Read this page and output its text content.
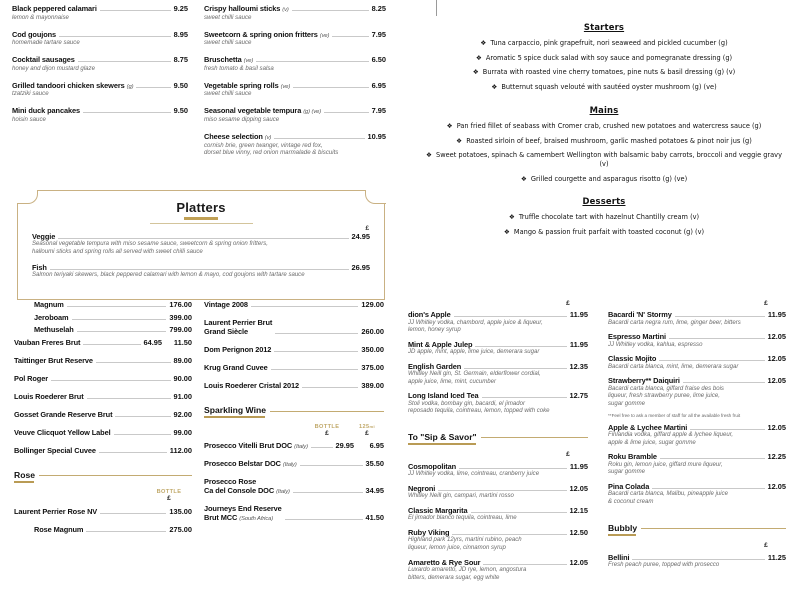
Black peppered calamari	9.25
lemon & mayonnaise
Cod goujons	8.95
homemade tartare sauce
Cocktail sausages	8.75
honey and dijon mustard glaze
Grilled tandoori chicken skewers (g)	9.50
tzatziki sauce
Mini duck pancakes	9.50
hoisin sauce
Crispy halloumi sticks (v)	8.25
sweet chilli sauce
Sweetcorn & spring onion fritters (ve)	7.95
sweet chilli sauce
Bruschetta (ve)	6.50
fresh tomato & basil salsa
Vegetable spring rolls (ve)	6.95
sweet chilli sauce
Seasonal vegetable tempura (g) (ve)	7.95
miso sesame dipping sauce
Cheese selection (v)	10.95
cornish brie, green twanger, vintage red fox,
dorset blue vinny, red onion marmalade & biscuits
Platters
£
Veggie	24.95
Seasonal vegetable tempura with miso sesame sauce, sweetcorn & spring onion fritters,
halloumi sticks and spring rolls all served with sweet chilli sauce
Fish	26.95
Salmon teriyaki skewers, black peppered calamari with lemon & mayo, cod goujons with tartare sauce
Magnum	176.00
Jeroboam	399.00
Methuselah	799.00
Vauban Freres Brut	64.95	11.50
Taittinger Brut Reserve	89.00
Pol Roger	90.00
Louis Roederer Brut	91.00
Gosset Grande Reserve Brut	92.00
Veuve Clicquot Yellow Label	99.00
Bollinger Special Cuvee	112.00
Rose
BOTTLE
£
Laurent Perrier Rose NV	135.00
Rose Magnum	275.00
Vintage 2008	129.00
Laurent Perrier Brut
Grand Siècle	260.00
Dom Perignon 2012	350.00
Krug Grand Cuvee	375.00
Louis Roederer Cristal 2012	389.00
Sparkling Wine
BOTTLE	125ml
£	£
Prosecco Vitelli Brut DOC (Italy)	29.95	6.95
Prosecco Belstar DOC (Italy)	35.50
Prosecco Rose
Ca del Console DOC (Italy)	34.95
Journeys End Reserve
Brut MCC (South Africa)	41.50
Starters
❖ Tuna carpaccio, pink grapefruit, nori seaweed and pickled cucumber (g)
❖ Aromatic 5 spice duck salad with soy sauce and pomegranate dressing (g)
❖ Burrata with roasted vine cherry tomatoes, pine nuts & basil dressing (g) (v)
❖ Butternut squash velouté with sautéed oyster mushroom (g) (ve)
Mains
❖ Pan fried fillet of seabass with Cromer crab, crushed new potatoes and watercress sauce (g)
❖ Roasted sirloin of beef, braised mushroom, garlic mashed potatoes & pinot noir jus (g)
❖ Sweet potatoes, spinach & camembert Wellington with balsamic baby carrots, broccoli and veggie gravy (v)
❖ Grilled courgette and asparagus risotto (g) (ve)
Desserts
❖ Truffle chocolate tart with hazelnut Chantilly cream (v)
❖ Mango & passion fruit parfait with toasted coconut (g) (v)
£
dion's Apple	11.95
JJ Whitley vodka, chambord, apple juice & liqueur,
lemon, honey syrup
Mint & Apple Julep	11.95
JD apple, mint, apple, lime juice, demerara sugar
English Garden	12.35
Whitley Neill gin, St. Germain, elderflower cordial,
apple juice, lime, mint, cucumber
Long Island Iced Tea	12.75
Stoli vodka, bombay gin, bacardi, el jimador
reposado tequila, cointreau, lemon, topped with coke
To "Sip & Savor"
£
Cosmopolitan	11.95
JJ Whitley vodka, lime, cointreau, cranberry juice
Negroni	12.05
Whitley Neill gin, campari, martini rosso
Classic Margarita	12.15
El jimador blanco tequila, cointreau, lime
Ruby Viking	12.50
Highland park 12yrs, martini rubino, peach
liqueur, lemon juice, cinnamon syrup
Amaretto & Rye Sour	12.05
Luxardo amaretto, JD rye, lemon, angostura
bitters, demerara sugar, egg white
£
Bacardi 'N' Stormy	11.95
Bacardi carta negra rum, lime, ginger beer, bitters
Espresso Martini	12.05
JJ Whitley vodka, kahlua, espresso
Classic Mojito	12.05
Bacardi carta blanca, mint, lime, demerara sugar
Strawberry** Daiquiri	12.05
Bacardi carta blanca, giffard fraise des bois
liqueur, fresh strawberry puree, lime juice,
sugar gomme
**Feel free to ask a member of staff for all the available fresh fruit
Apple & Lychee Martini	12.05
Finlandia vodka, giffard apple & lychee liqueur,
apple & lime juice, sugar gomme
Roku Bramble	12.25
Roku gin, lemon juice, giffard mure liqueur,
sugar gomme
Pina Colada	12.05
Bacardi carta blanca, Malibu, pineapple juice
& coconut cream
Bubbly
£
Bellini	11.25
Fresh peach puree, topped with prosecco
